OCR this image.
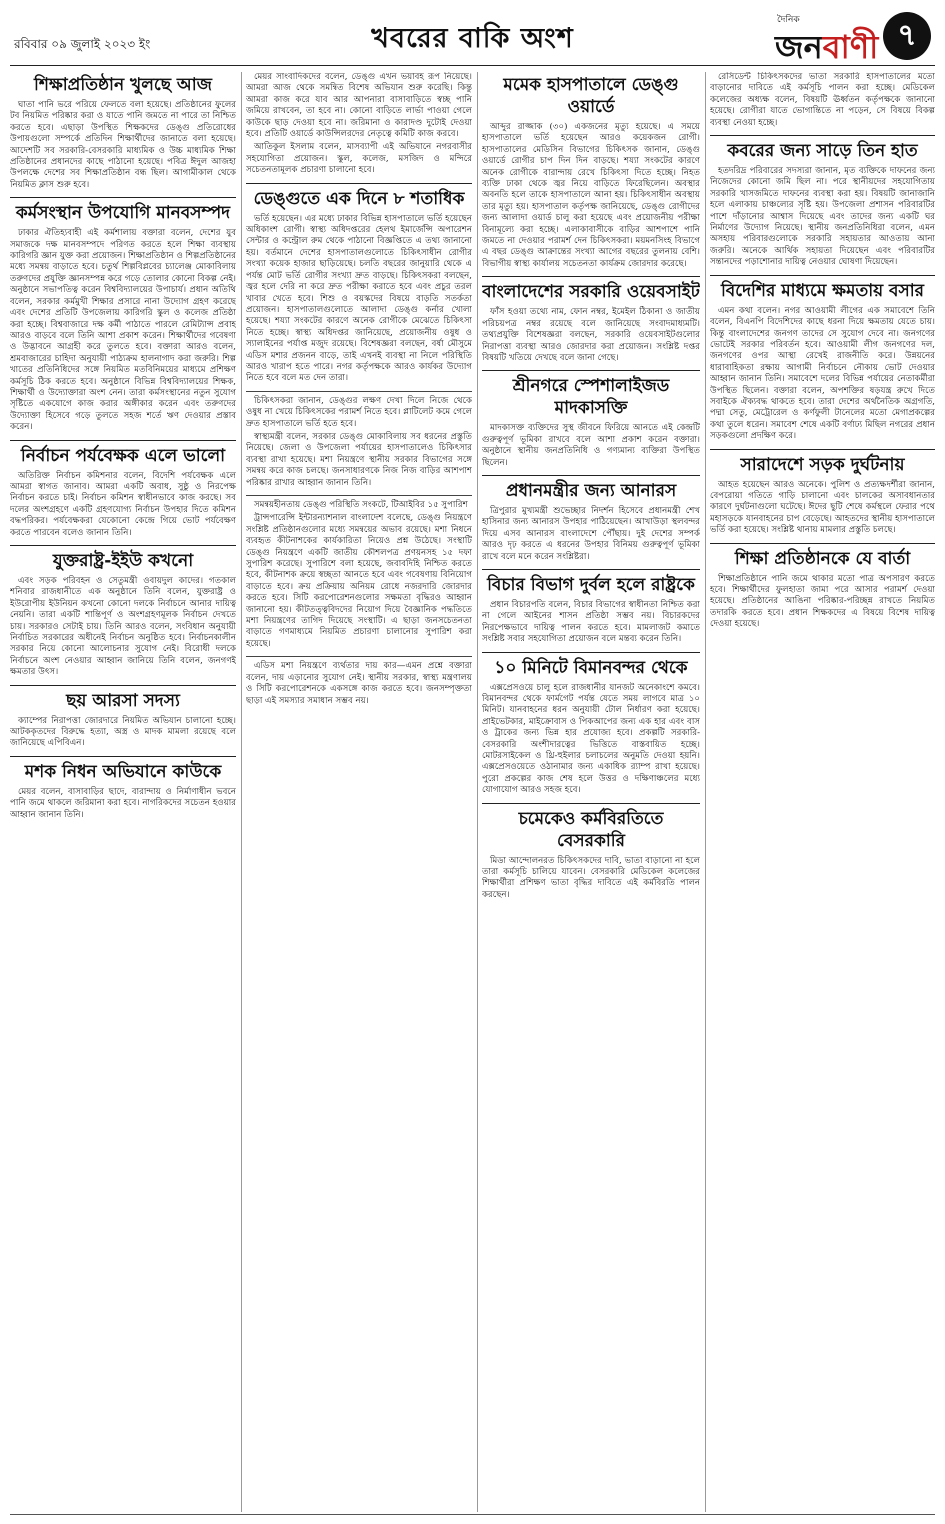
রবিবার ০৯ জুলাই ২০২৩ ইং	খবরের বাকি অংশ
দৈনিক
জনবাণী ৭
শিক্ষাপ্রতিষ্ঠান খুলছে আজ

ঘাতা পানি ভরে পরিয়ে ফেলতে বলা হয়েছে। প্রতিষ্ঠানের ফুলের টব নিয়মিত পরিষ্কার করা ও যাতে পানি জমতে না পারে তা নিশ্চিত করতে হবে। এছাড়া উপস্থিত শিক্ষকদের ডেঙ্গু প্রতিরোধের উপায়গুলো সম্পর্কে প্রতিদিন শিক্ষার্থীদের জানাতে বলা হয়েছে। আদেশটি সব সরকারি-বেসরকারি মাধ্যমিক ও উচ্চ মাধ্যমিক শিক্ষা প্রতিষ্ঠানের প্রধানদের কাছে পাঠানো হয়েছে। পবিত্র ঈদুল আজহা উপলক্ষে দেশের সব শিক্ষাপ্রতিষ্ঠান বন্ধ ছিল। আগামীকাল থেকে নিয়মিত ক্লাস শুরু হবে।

কর্মসংস্থান উপযোগি মানবসম্পদ

ঢাকার ঐতিহ্যবাহী এই কর্মশালায় বক্তারা বলেন, দেশের যুব সমাজকে দক্ষ মানবসম্পদে পরিণত করতে হলে শিক্ষা ব্যবস্থায় কারিগরি জ্ঞান যুক্ত করা প্রয়োজন। শিক্ষাপ্রতিষ্ঠান ও শিল্পপ্রতিষ্ঠানের মধ্যে সমন্বয় বাড়াতে হবে। চতুর্থ শিল্পবিপ্লবের চ্যালেঞ্জ মোকাবিলায় তরুণদের প্রযুক্তি জ্ঞানসম্পন্ন করে গড়ে তোলার কোনো বিকল্প নেই। অনুষ্ঠানে সভাপতিত্ব করেন বিশ্ববিদ্যালয়ের উপাচার্য। প্রধান অতিথি বলেন, সরকার কর্মমুখী শিক্ষার প্রসারে নানা উদ্যোগ গ্রহণ করেছে এবং দেশের প্রতিটি উপজেলায় কারিগরি স্কুল ও কলেজ প্রতিষ্ঠা করা হচ্ছে। বিশ্ববাজারে দক্ষ কর্মী পাঠাতে পারলে রেমিট্যান্স প্রবাহ আরও বাড়বে বলে তিনি আশা প্রকাশ করেন। শিক্ষার্থীদের গবেষণা ও উদ্ভাবনে আগ্রহী করে তুলতে হবে। বক্তারা আরও বলেন, শ্রমবাজারের চাহিদা অনুযায়ী পাঠ্যক্রম হালনাগাদ করা জরুরি। শিল্প খাতের প্রতিনিধিদের সঙ্গে নিয়মিত মতবিনিময়ের মাধ্যমে প্রশিক্ষণ কর্মসূচি ঠিক করতে হবে। অনুষ্ঠানে বিভিন্ন বিশ্ববিদ্যালয়ের শিক্ষক, শিক্ষার্থী ও উদ্যোক্তারা অংশ নেন। তারা কর্মসংস্থানের নতুন সুযোগ সৃষ্টিতে একযোগে কাজ করার অঙ্গীকার করেন এবং তরুণদের উদ্যোক্তা হিসেবে গড়ে তুলতে সহজ শর্তে ঋণ দেওয়ার প্রস্তাব করেন।

নির্বাচন পর্যবেক্ষক এলে ভালো

অতিরিক্ত নির্বাচন কমিশনার বলেন, বিদেশি পর্যবেক্ষক এলে আমরা স্বাগত জানাব। আমরা একটি অবাধ, সুষ্ঠু ও নিরপেক্ষ নির্বাচন করতে চাই। নির্বাচন কমিশন স্বাধীনভাবে কাজ করছে। সব দলের অংশগ্রহণে একটি গ্রহণযোগ্য নির্বাচন উপহার দিতে কমিশন বদ্ধপরিকর। পর্যবেক্ষকরা যেকোনো কেন্দ্রে গিয়ে ভোট পর্যবেক্ষণ করতে পারবেন বলেও জানান তিনি।

যুক্তরাষ্ট্র-ইইউ কখনো

এবং সড়ক পরিবহন ও সেতুমন্ত্রী ওবায়দুল কাদের। গতকাল শনিবার রাজধানীতে এক অনুষ্ঠানে তিনি বলেন, যুক্তরাষ্ট্র ও ইউরোপীয় ইউনিয়ন কখনো কোনো দলকে নির্বাচনে আনার দায়িত্ব নেয়নি। তারা একটি শান্তিপূর্ণ ও অংশগ্রহণমূলক নির্বাচন দেখতে চায়। সরকারও সেটাই চায়। তিনি আরও বলেন, সংবিধান অনুযায়ী নির্বাচিত সরকারের অধীনেই নির্বাচন অনুষ্ঠিত হবে। নির্বাচনকালীন সরকার নিয়ে কোনো আলোচনার সুযোগ নেই। বিরোধী দলকে নির্বাচনে অংশ নেওয়ার আহ্বান জানিয়ে তিনি বলেন, জনগণই ক্ষমতার উৎস।

ছয় আরসা সদস্য

ক্যাম্পের নিরাপত্তা জোরদারে নিয়মিত অভিযান চালানো হচ্ছে। আটককৃতদের বিরুদ্ধে হত্যা, অস্ত্র ও মাদক মামলা রয়েছে বলে জানিয়েছে এপিবিএন।

মশক নিধন অভিযানে কাউকে

মেয়র বলেন, বাসাবাড়ির ছাদে, বারান্দায় ও নির্মাণাধীন ভবনে পানি জমে থাকলে জরিমানা করা হবে। নাগরিকদের সচেতন হওয়ার আহ্বান জানান তিনি।

মেয়র সাংবাদিকদের বলেন, ডেঙ্গু এখন ভয়াবহ রূপ নিয়েছে। আমরা আজ থেকে সমন্বিত বিশেষ অভিযান শুরু করেছি। কিন্তু আমরা কাজ করে যাব আর আপনারা বাসাবাড়িতে স্বচ্ছ পানি জমিয়ে রাখবেন, তা হবে না। কোনো বাড়িতে লার্ভা পাওয়া গেলে কাউকে ছাড় দেওয়া হবে না। জরিমানা ও কারাদণ্ড দুটোই দেওয়া হবে। প্রতিটি ওয়ার্ডে কাউন্সিলরদের নেতৃত্বে কমিটি কাজ করবে।

আতিকুল ইসলাম বলেন, মাসব্যাপী এই অভিযানে নগরবাসীর সহযোগিতা প্রয়োজন। স্কুল, কলেজ, মসজিদ ও মন্দিরে সচেতনতামূলক প্রচারণা চালানো হবে।

ডেঙ্গুতে এক দিনে ৮ শতাধিক

ভর্তি হয়েছেন। এর মধ্যে ঢাকার বিভিন্ন হাসপাতালে ভর্তি হয়েছেন অধিকাংশ রোগী। স্বাস্থ্য অধিদপ্তরের হেলথ ইমার্জেন্সি অপারেশন সেন্টার ও কন্ট্রোল রুম থেকে পাঠানো বিজ্ঞপ্তিতে এ তথ্য জানানো হয়। বর্তমানে দেশের হাসপাতালগুলোতে চিকিৎসাধীন রোগীর সংখ্যা কয়েক হাজার ছাড়িয়েছে। চলতি বছরের জানুয়ারি থেকে এ পর্যন্ত মোট ভর্তি রোগীর সংখ্যা দ্রুত বাড়ছে। চিকিৎসকরা বলছেন, জ্বর হলে দেরি না করে দ্রুত পরীক্ষা করাতে হবে এবং প্রচুর তরল খাবার খেতে হবে। শিশু ও বয়স্কদের বিষয়ে বাড়তি সতর্কতা প্রয়োজন। হাসপাতালগুলোতে আলাদা ডেঙ্গু কর্নার খোলা হয়েছে। শয্যা সংকটের কারণে অনেক রোগীকে মেঝেতে চিকিৎসা নিতে হচ্ছে। স্বাস্থ্য অধিদপ্তর জানিয়েছে, প্রয়োজনীয় ওষুধ ও স্যালাইনের পর্যাপ্ত মজুদ রয়েছে। বিশেষজ্ঞরা বলছেন, বর্ষা মৌসুমে এডিস মশার প্রজনন বাড়ে, তাই এখনই ব্যবস্থা না নিলে পরিস্থিতি আরও খারাপ হতে পারে। নগর কর্তৃপক্ষকে আরও কার্যকর উদ্যোগ নিতে হবে বলে মত দেন তারা।

চিকিৎসকরা জানান, ডেঙ্গুর লক্ষণ দেখা দিলে নিজে থেকে ওষুধ না খেয়ে চিকিৎসকের পরামর্শ নিতে হবে। প্লাটিলেট কমে গেলে দ্রুত হাসপাতালে ভর্তি হতে হবে।

স্বাস্থ্যমন্ত্রী বলেন, সরকার ডেঙ্গু মোকাবিলায় সব ধরনের প্রস্তুতি নিয়েছে। জেলা ও উপজেলা পর্যায়ের হাসপাতালেও চিকিৎসার ব্যবস্থা রাখা হয়েছে। মশা নিয়ন্ত্রণে স্থানীয় সরকার বিভাগের সঙ্গে সমন্বয় করে কাজ চলছে। জনসাধারণকে নিজ নিজ বাড়ির আশপাশ পরিষ্কার রাখার আহ্বান জানান তিনি।

সমন্বয়হীনতায় ডেঙ্গু পরিস্থিতি সংকটে, টিআইবির ১৫ সুপারিশ

ট্রান্সপারেন্সি ইন্টারন্যাশনাল বাংলাদেশ বলেছে, ডেঙ্গু নিয়ন্ত্রণে সংশ্লিষ্ট প্রতিষ্ঠানগুলোর মধ্যে সমন্বয়ের অভাব রয়েছে। মশা নিধনে ব্যবহৃত কীটনাশকের কার্যকারিতা নিয়েও প্রশ্ন উঠেছে। সংস্থাটি ডেঙ্গু নিয়ন্ত্রণে একটি জাতীয় কৌশলপত্র প্রণয়নসহ ১৫ দফা সুপারিশ করেছে। সুপারিশে বলা হয়েছে, জবাবদিহি নিশ্চিত করতে হবে, কীটনাশক ক্রয়ে স্বচ্ছতা আনতে হবে এবং গবেষণায় বিনিয়োগ বাড়াতে হবে। ক্রয় প্রক্রিয়ায় অনিয়ম রোধে নজরদারি জোরদার করতে হবে। সিটি করপোরেশনগুলোর সক্ষমতা বৃদ্ধিরও আহ্বান জানানো হয়। কীটতত্ত্ববিদদের নিয়োগ দিয়ে বৈজ্ঞানিক পদ্ধতিতে মশা নিয়ন্ত্রণের তাগিদ দিয়েছে সংস্থাটি। এ ছাড়া জনসচেতনতা বাড়াতে গণমাধ্যমে নিয়মিত প্রচারণা চালানোর সুপারিশ করা হয়েছে।

এডিস মশা নিয়ন্ত্রণে ব্যর্থতার দায় কার—এমন প্রশ্নে বক্তারা বলেন, দায় এড়ানোর সুযোগ নেই। স্থানীয় সরকার, স্বাস্থ্য মন্ত্রণালয় ও সিটি করপোরেশনকে একসঙ্গে কাজ করতে হবে। জনসম্পৃক্ততা ছাড়া এই সমস্যার সমাধান সম্ভব নয়।

মমেক হাসপাতালে ডেঙ্গু ওয়ার্ডে

আব্দুর রাজ্জাক (৩০) একজনের মৃত্যু হয়েছে। এ সময়ে হাসপাতালে ভর্তি হয়েছেন আরও কয়েকজন রোগী। হাসপাতালের মেডিসিন বিভাগের চিকিৎসক জানান, ডেঙ্গু ওয়ার্ডে রোগীর চাপ দিন দিন বাড়ছে। শয্যা সংকটের কারণে অনেক রোগীকে বারান্দায় রেখে চিকিৎসা দিতে হচ্ছে। নিহত ব্যক্তি ঢাকা থেকে জ্বর নিয়ে বাড়িতে ফিরেছিলেন। অবস্থার অবনতি হলে তাকে হাসপাতালে আনা হয়। চিকিৎসাধীন অবস্থায় তার মৃত্যু হয়। হাসপাতাল কর্তৃপক্ষ জানিয়েছে, ডেঙ্গু রোগীদের জন্য আলাদা ওয়ার্ড চালু করা হয়েছে এবং প্রয়োজনীয় পরীক্ষা বিনামূল্যে করা হচ্ছে। এলাকাবাসীকে বাড়ির আশপাশে পানি জমতে না দেওয়ার পরামর্শ দেন চিকিৎসকরা। ময়মনসিংহ বিভাগে এ বছর ডেঙ্গু আক্রান্তের সংখ্যা আগের বছরের তুলনায় বেশি। বিভাগীয় স্বাস্থ্য কার্যালয় সচেতনতা কার্যক্রম জোরদার করেছে।

বাংলাদেশের সরকারি ওয়েবসাইট

ফাঁস হওয়া তথ্যে নাম, ফোন নম্বর, ইমেইল ঠিকানা ও জাতীয় পরিচয়পত্র নম্বর রয়েছে বলে জানিয়েছে সংবাদমাধ্যমটি। তথ্যপ্রযুক্তি বিশেষজ্ঞরা বলছেন, সরকারি ওয়েবসাইটগুলোর নিরাপত্তা ব্যবস্থা আরও জোরদার করা প্রয়োজন। সংশ্লিষ্ট দপ্তর বিষয়টি খতিয়ে দেখছে বলে জানা গেছে।

শ্রীনগরে স্পেশালাইজড মাদকাসক্তি

মাদকাসক্ত ব্যক্তিদের সুস্থ জীবনে ফিরিয়ে আনতে এই কেন্দ্রটি গুরুত্বপূর্ণ ভূমিকা রাখবে বলে আশা প্রকাশ করেন বক্তারা। অনুষ্ঠানে স্থানীয় জনপ্রতিনিধি ও গণ্যমান্য ব্যক্তিরা উপস্থিত ছিলেন।

প্রধানমন্ত্রীর জন্য আনারস

ত্রিপুরার মুখ্যমন্ত্রী শুভেচ্ছার নিদর্শন হিসেবে প্রধানমন্ত্রী শেখ হাসিনার জন্য আনারস উপহার পাঠিয়েছেন। আখাউড়া স্থলবন্দর দিয়ে এসব আনারস বাংলাদেশে পৌঁছায়। দুই দেশের সম্পর্ক আরও দৃঢ় করতে এ ধরনের উপহার বিনিময় গুরুত্বপূর্ণ ভূমিকা রাখে বলে মনে করেন সংশ্লিষ্টরা।

বিচার বিভাগ দুর্বল হলে রাষ্ট্রকে

প্রধান বিচারপতি বলেন, বিচার বিভাগের স্বাধীনতা নিশ্চিত করা না গেলে আইনের শাসন প্রতিষ্ঠা সম্ভব নয়। বিচারকদের নিরপেক্ষভাবে দায়িত্ব পালন করতে হবে। মামলাজট কমাতে সংশ্লিষ্ট সবার সহযোগিতা প্রয়োজন বলে মন্তব্য করেন তিনি।

১০ মিনিটে বিমানবন্দর থেকে

এক্সপ্রেসওয়ে চালু হলে রাজধানীর যানজট অনেকাংশে কমবে। বিমানবন্দর থেকে ফার্মগেট পর্যন্ত যেতে সময় লাগবে মাত্র ১০ মিনিট। যানবাহনের ধরন অনুযায়ী টোল নির্ধারণ করা হয়েছে। প্রাইভেটকার, মাইক্রোবাস ও পিকআপের জন্য এক হার এবং বাস ও ট্রাকের জন্য ভিন্ন হার প্রযোজ্য হবে। প্রকল্পটি সরকারি-বেসরকারি অংশীদারত্বের ভিত্তিতে বাস্তবায়িত হচ্ছে। মোটরসাইকেল ও থ্রি-হুইলার চলাচলের অনুমতি দেওয়া হয়নি। এক্সপ্রেসওয়েতে ওঠানামার জন্য একাধিক র‍্যাম্প রাখা হয়েছে। পুরো প্রকল্পের কাজ শেষ হলে উত্তর ও দক্ষিণাঞ্চলের মধ্যে যোগাযোগ আরও সহজ হবে।

চমেকেও কর্মবিরতিতে বেসরকারি

মিডা আন্দোলনরত চিকিৎসকদের দাবি, ভাতা বাড়ানো না হলে তারা কর্মসূচি চালিয়ে যাবেন। বেসরকারি মেডিকেল কলেজের শিক্ষার্থীরা প্রশিক্ষণ ভাতা বৃদ্ধির দাবিতে এই কর্মবিরতি পালন করছেন।

রেসিডেন্ট চিকিৎসকদের ভাতা সরকারি হাসপাতালের মতো বাড়ানোর দাবিতে এই কর্মসূচি পালন করা হচ্ছে। মেডিকেল কলেজের অধ্যক্ষ বলেন, বিষয়টি ঊর্ধ্বতন কর্তৃপক্ষকে জানানো হয়েছে। রোগীরা যাতে ভোগান্তিতে না পড়েন, সে বিষয়ে বিকল্প ব্যবস্থা নেওয়া হচ্ছে।

কবরের জন্য সাড়ে তিন হাত

হতদরিদ্র পরিবারের সদস্যরা জানান, মৃত ব্যক্তিকে দাফনের জন্য নিজেদের কোনো জমি ছিল না। পরে স্থানীয়দের সহযোগিতায় সরকারি খাসজমিতে দাফনের ব্যবস্থা করা হয়। বিষয়টি জানাজানি হলে এলাকায় চাঞ্চল্যের সৃষ্টি হয়। উপজেলা প্রশাসন পরিবারটির পাশে দাঁড়ানোর আশ্বাস দিয়েছে এবং তাদের জন্য একটি ঘর নির্মাণের উদ্যোগ নিয়েছে। স্থানীয় জনপ্রতিনিধিরা বলেন, এমন অসহায় পরিবারগুলোকে সরকারি সহায়তার আওতায় আনা জরুরি। অনেকে আর্থিক সহায়তা দিয়েছেন এবং পরিবারটির সন্তানদের পড়াশোনার দায়িত্ব নেওয়ার ঘোষণা দিয়েছেন।

বিদেশির মাধ্যমে ক্ষমতায় বসার

এমন কথা বলেন। নগর আওয়ামী লীগের এক সমাবেশে তিনি বলেন, বিএনপি বিদেশিদের কাছে ধরনা দিয়ে ক্ষমতায় যেতে চায়। কিন্তু বাংলাদেশের জনগণ তাদের সে সুযোগ দেবে না। জনগণের ভোটেই সরকার পরিবর্তন হবে। আওয়ামী লীগ জনগণের দল, জনগণের ওপর আস্থা রেখেই রাজনীতি করে। উন্নয়নের ধারাবাহিকতা রক্ষায় আগামী নির্বাচনে নৌকায় ভোট দেওয়ার আহ্বান জানান তিনি। সমাবেশে দলের বিভিন্ন পর্যায়ের নেতাকর্মীরা উপস্থিত ছিলেন। বক্তারা বলেন, অপশক্তির ষড়যন্ত্র রুখে দিতে সবাইকে ঐক্যবদ্ধ থাকতে হবে। তারা দেশের অর্থনৈতিক অগ্রগতি, পদ্মা সেতু, মেট্রোরেল ও কর্ণফুলী টানেলের মতো মেগাপ্রকল্পের কথা তুলে ধরেন। সমাবেশ শেষে একটি বর্ণাঢ্য মিছিল নগরের প্রধান সড়কগুলো প্রদক্ষিণ করে।

সারাদেশে সড়ক দুর্ঘটনায়

আহত হয়েছেন আরও অনেকে। পুলিশ ও প্রত্যক্ষদর্শীরা জানান, বেপরোয়া গতিতে গাড়ি চালানো এবং চালকের অসাবধানতার কারণে দুর্ঘটনাগুলো ঘটেছে। ঈদের ছুটি শেষে কর্মস্থলে ফেরার পথে মহাসড়কে যানবাহনের চাপ বেড়েছে। আহতদের স্থানীয় হাসপাতালে ভর্তি করা হয়েছে। সংশ্লিষ্ট থানায় মামলার প্রস্তুতি চলছে।

শিক্ষা প্রতিষ্ঠানকে যে বার্তা

শিক্ষাপ্রতিষ্ঠানে পানি জমে থাকার মতো পাত্র অপসারণ করতে হবে। শিক্ষার্থীদের ফুলহাতা জামা পরে আসার পরামর্শ দেওয়া হয়েছে। প্রতিষ্ঠানের আঙিনা পরিষ্কার-পরিচ্ছন্ন রাখতে নিয়মিত তদারকি করতে হবে। প্রধান শিক্ষকদের এ বিষয়ে বিশেষ দায়িত্ব দেওয়া হয়েছে।
